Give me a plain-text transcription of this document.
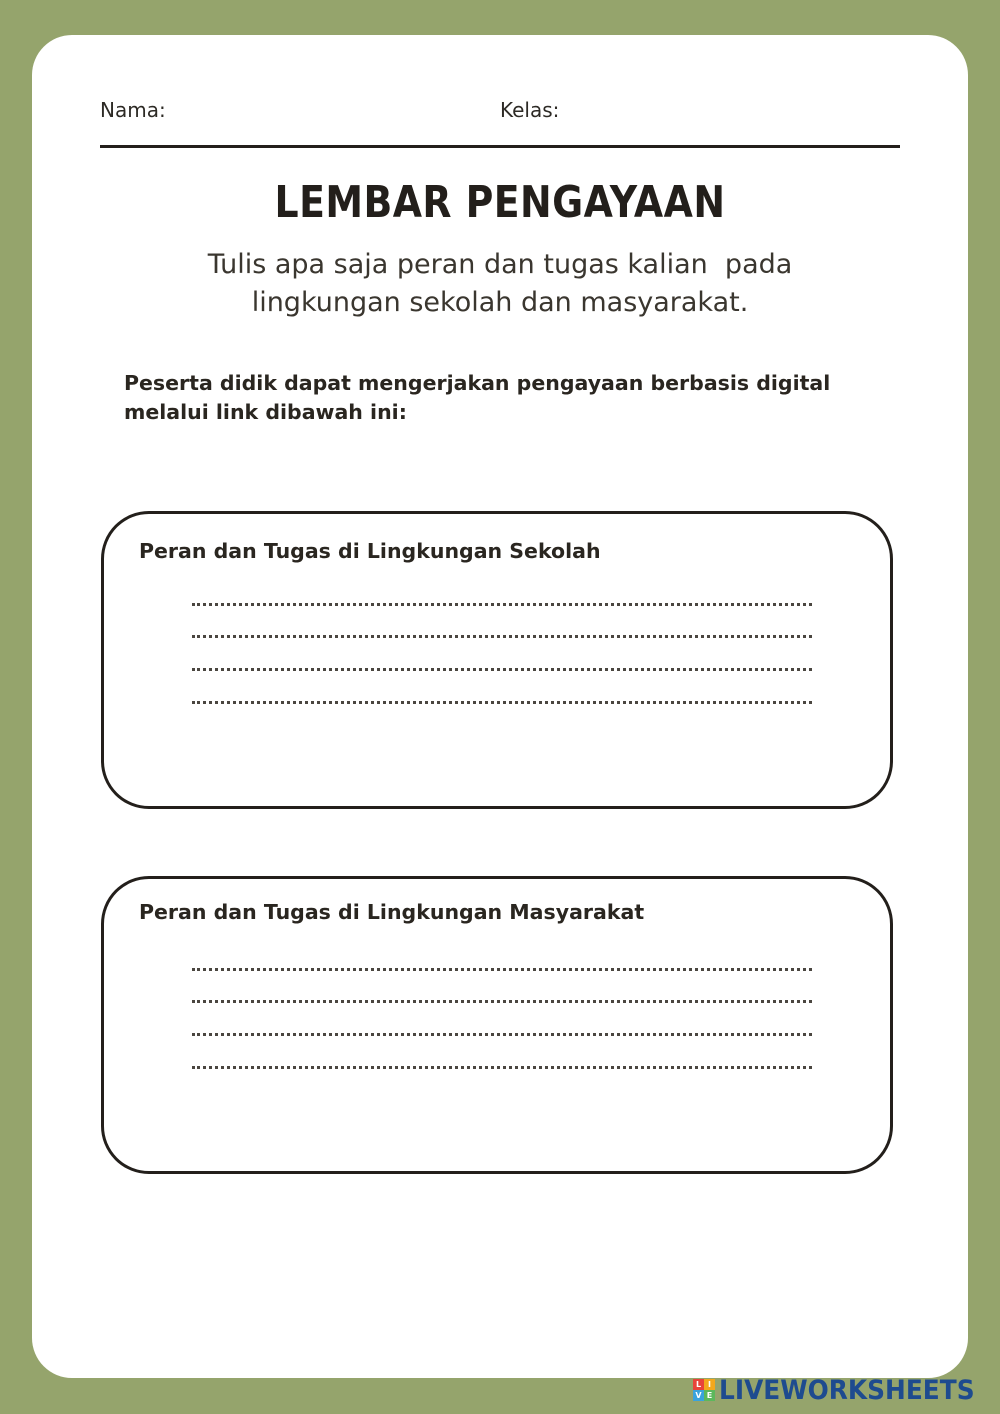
Nama:	Kelas:
LEMBAR PENGAYAAN
Tulis apa saja peran dan tugas kalian  pada
lingkungan sekolah dan masyarakat.
Peserta didik dapat mengerjakan pengayaan berbasis digital
melalui link dibawah ini:
Peran dan Tugas di Lingkungan Sekolah
Peran dan Tugas di Lingkungan Masyarakat
L I
V E LIVEWORKSHEETS
